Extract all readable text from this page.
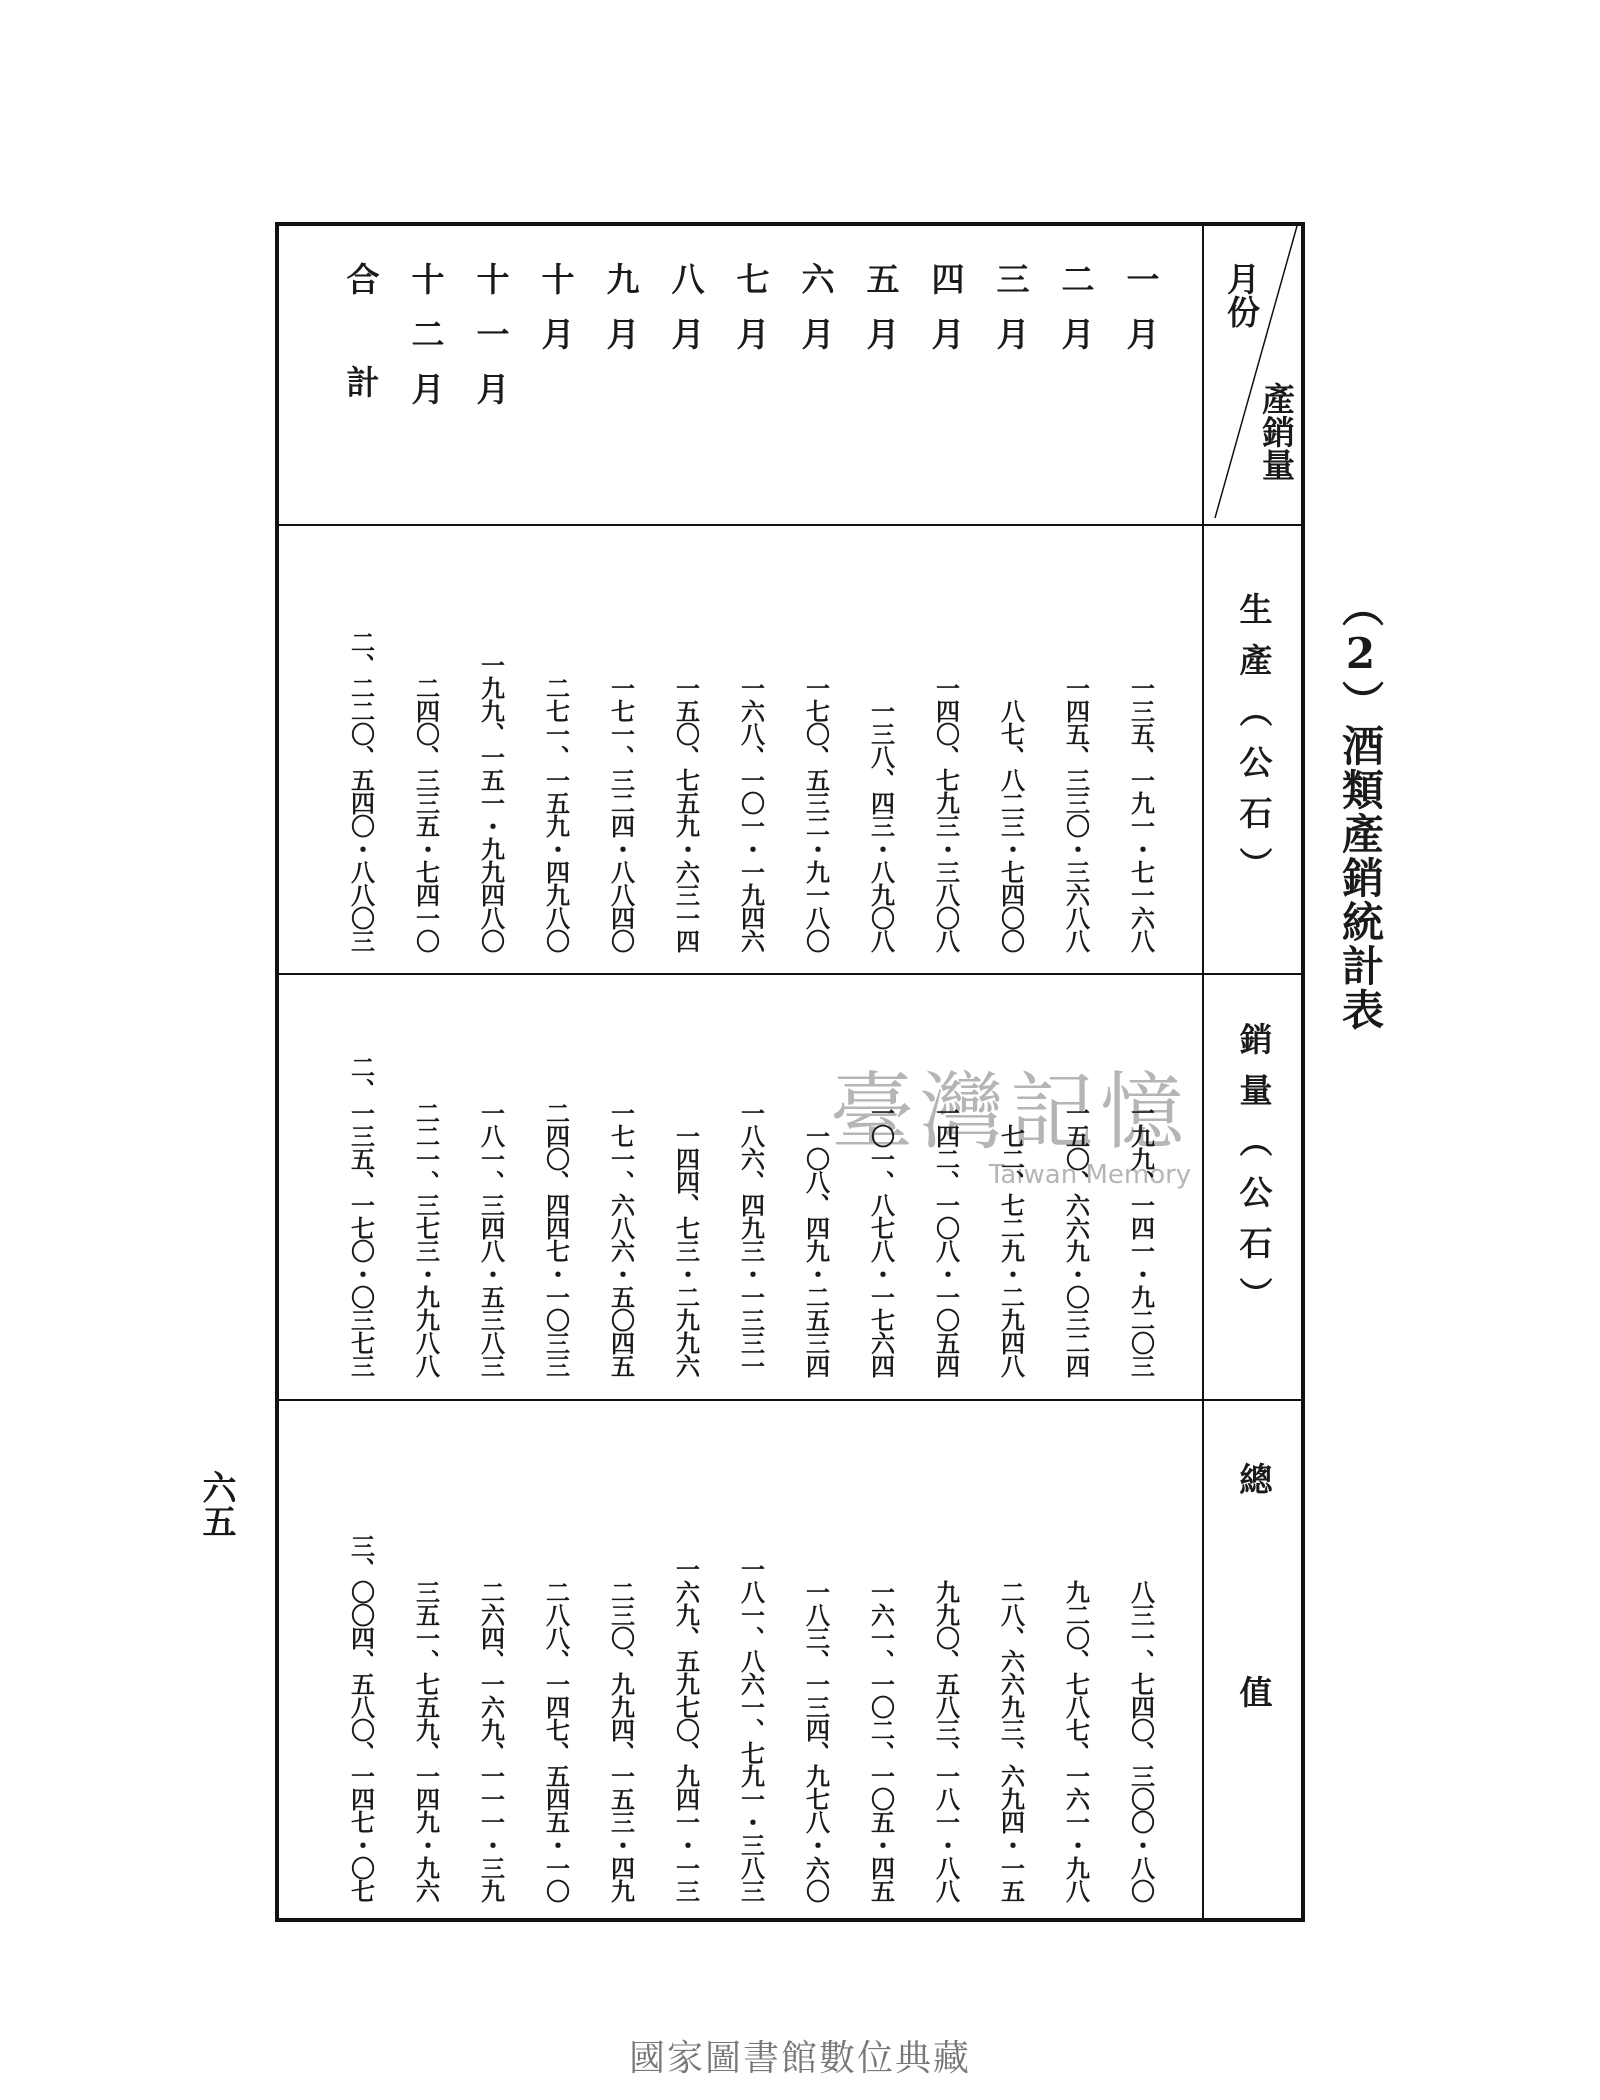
（2）酒類產銷統計表
臺灣記憶
Taiwan Memory
月份
產銷量
生產（公石）
銷量（公石）
總值
一月
一三五、一九一・七一六八
一九九、一四一・九二〇三
八三一、七四〇、三〇〇・八〇
二月
一四五、三三〇・三六八八
一五〇、六六九・〇三二四
九二〇、七八七、一六一・九八
三月
八七、八二三・七四〇〇
七二、七二九・二九四八
二八、六六九三、六九四・一五
四月
一四〇、七九三・三八〇八
一四二、一〇八・一〇五四
九九〇、五八三、一八一・八八
五月
一三八、四三・八九〇八
一〇一、八七八・一七六四
一六一、一〇二、一〇五・四五
六月
一七〇、五三二・九一八〇
一〇八、四九・二五三四
一八三、一三四、九七八・六〇
七月
一六八、一〇一・一九四六
一八六、四九三・一三三一
一八一、八六一、七九一・三八三
八月
一五〇、七五九・六三一四
一四四、七三・二九九六
一六九、五九七〇、九四一・一三
九月
一七一、三二四・八八四〇
一七一、六八六・五〇四五
二三〇、九九四、一五三・四九
十月
二七一、一五九・四九八〇
二四〇、四四七・一〇三三
二八八、一四七、五四五・一〇
十一月
一九九、一五一・九九四八〇
一八一、三四八・五三八三
二六四、一六九、一一一・三九
十二月
二四〇、三三五・七四一〇
二二一、三七三・九九八八
三五一、七五九、一四九・九六
合計
二、二二〇、五四〇・八八〇三
二、一三五、一七〇・〇三七三
三、〇〇四、五八〇、一四七・〇七
六五
國家圖書館數位典藏
